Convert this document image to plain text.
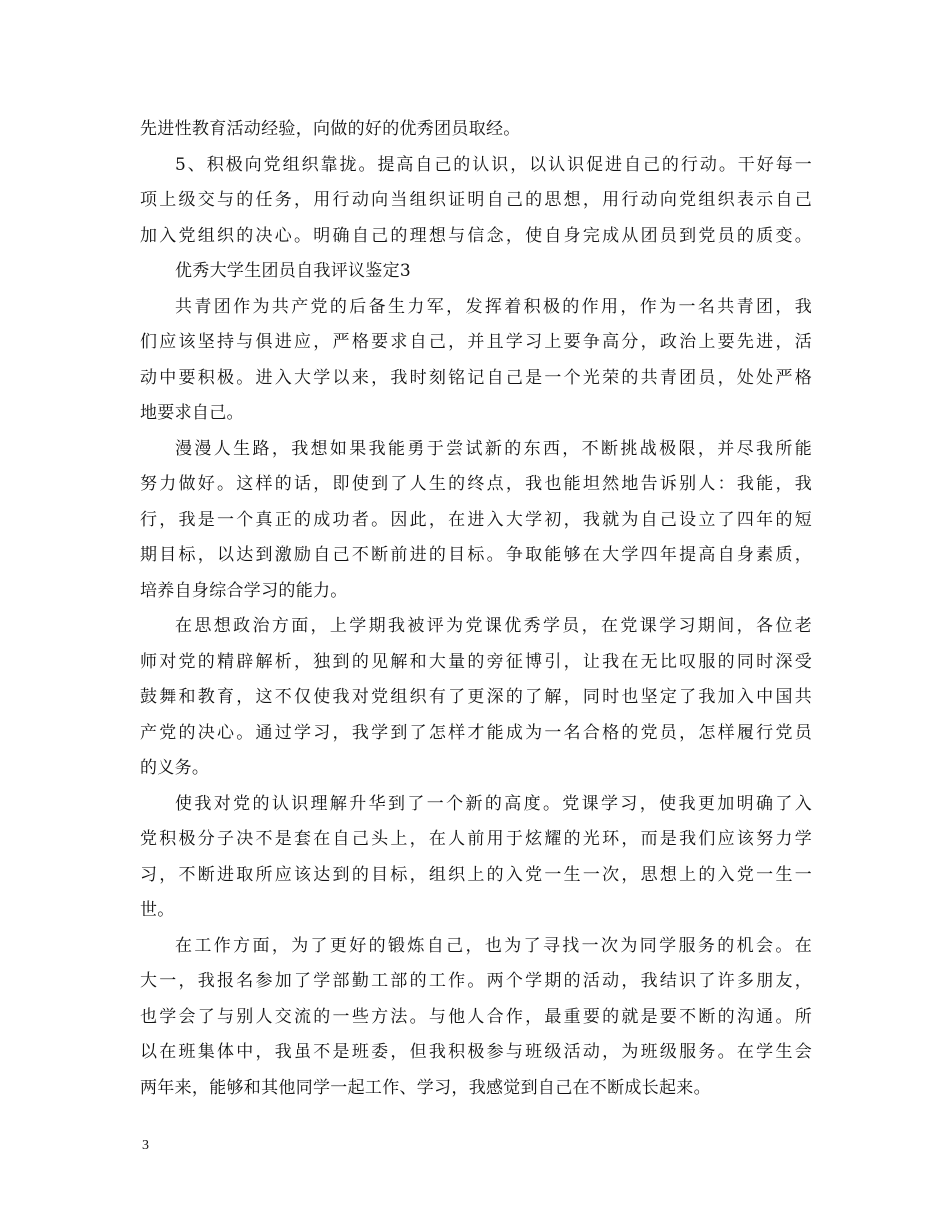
先进性教育活动经验，向做的好的优秀团员取经。
5、积极向党组织靠拢。提高自己的认识，以认识促进自己的行动。干好每一
项上级交与的任务，用行动向当组织证明自己的思想，用行动向党组织表示自己
加入党组织的决心。明确自己的理想与信念，使自身完成从团员到党员的质变。
优秀大学生团员自我评议鉴定3
共青团作为共产党的后备生力军，发挥着积极的作用，作为一名共青团，我
们应该坚持与俱进应，严格要求自己，并且学习上要争高分，政治上要先进，活
动中要积极。进入大学以来，我时刻铭记自己是一个光荣的共青团员，处处严格
地要求自己。
漫漫人生路，我想如果我能勇于尝试新的东西，不断挑战极限，并尽我所能
努力做好。这样的话，即使到了人生的终点，我也能坦然地告诉别人：我能，我
行，我是一个真正的成功者。因此，在进入大学初，我就为自己设立了四年的短
期目标，以达到激励自己不断前进的目标。争取能够在大学四年提高自身素质，
培养自身综合学习的能力。
在思想政治方面，上学期我被评为党课优秀学员，在党课学习期间，各位老
师对党的精辟解析，独到的见解和大量的旁征博引，让我在无比叹服的同时深受
鼓舞和教育，这不仅使我对党组织有了更深的了解，同时也坚定了我加入中国共
产党的决心。通过学习，我学到了怎样才能成为一名合格的党员，怎样履行党员
的义务。
使我对党的认识理解升华到了一个新的高度。党课学习，使我更加明确了入
党积极分子决不是套在自己头上，在人前用于炫耀的光环，而是我们应该努力学
习，不断进取所应该达到的目标，组织上的入党一生一次，思想上的入党一生一
世。
在工作方面，为了更好的锻炼自己，也为了寻找一次为同学服务的机会。在
大一，我报名参加了学部勤工部的工作。两个学期的活动，我结识了许多朋友，
也学会了与别人交流的一些方法。与他人合作，最重要的就是要不断的沟通。所
以在班集体中，我虽不是班委，但我积极参与班级活动，为班级服务。在学生会
两年来，能够和其他同学一起工作、学习，我感觉到自己在不断成长起来。
3
